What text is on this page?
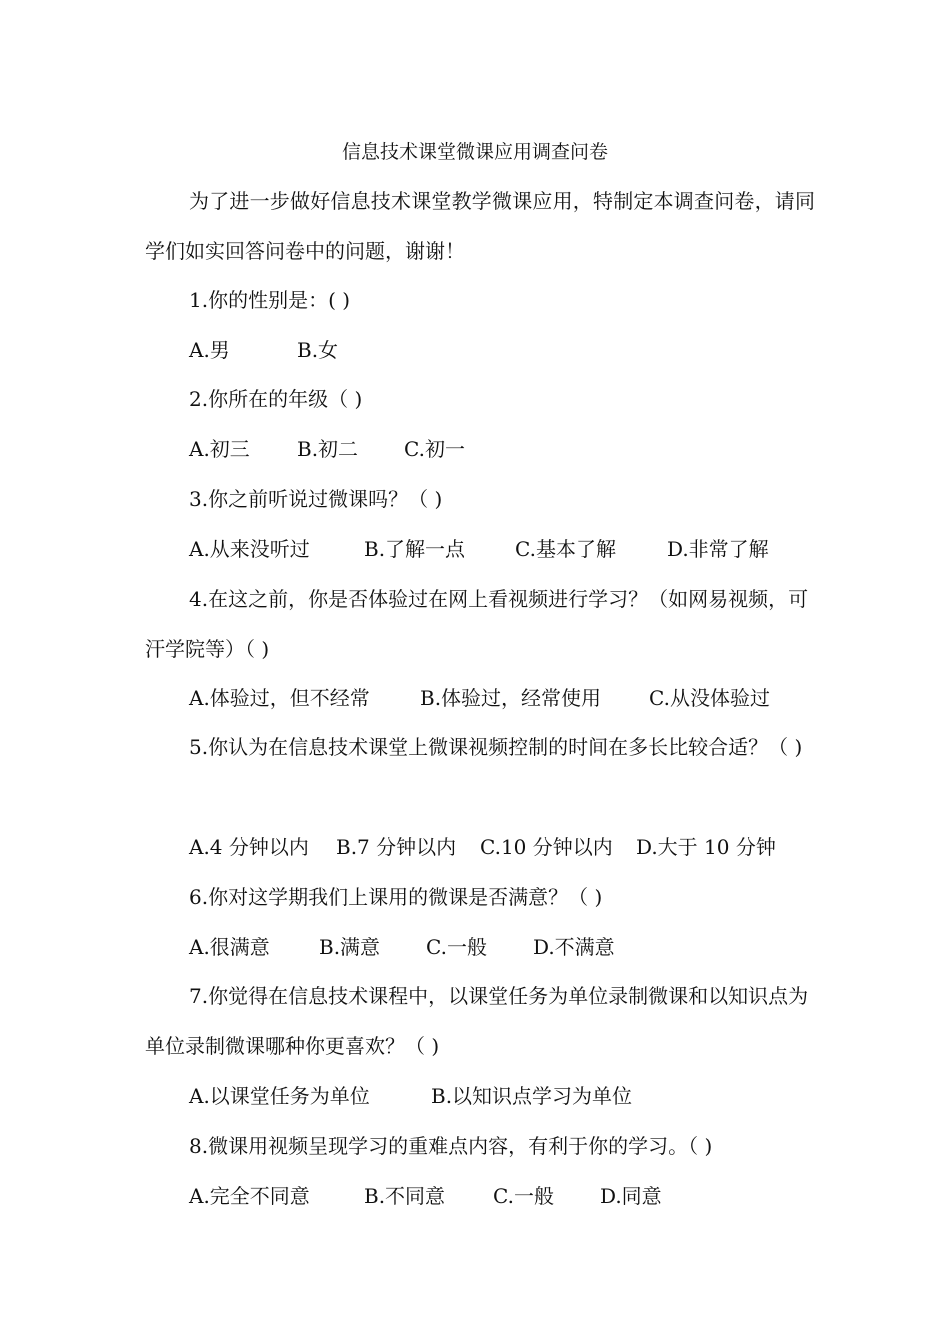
信息技术课堂微课应用调查问卷
为了进一步做好信息技术课堂教学微课应用，特制定本调查问卷，请同学们如实回答问卷中的问题，谢谢！
1.你的性别是：( )
A.男	B.女
2.你所在的年级（ )
A.初三 B.初二 C.初一
3.你之前听说过微课吗？（ )
A.从来没听过	B.了解一点 C.基本了解	D.非常了解
4.在这之前，你是否体验过在网上看视频进行学习？（如网易视频，可汗学院等）（ )
A.体验过，但不经常	B.体验过，经常使用 C.从没体验过
5.你认为在信息技术课堂上微课视频控制的时间在多长比较合适？（ )
A.4 分钟以内 B.7 分钟以内 C.10 分钟以内 D.大于 10 分钟
6.你对这学期我们上课用的微课是否满意？（ )
A.很满意 B.满意 C.一般 D.不满意
7.你觉得在信息技术课程中，以课堂任务为单位录制微课和以知识点为单位录制微课哪种你更喜欢？（ )
A.以课堂任务为单位	B.以知识点学习为单位
8.微课用视频呈现学习的重难点内容，有利于你的学习。（ )
A.完全不同意	B.不同意 C.一般 D.同意
